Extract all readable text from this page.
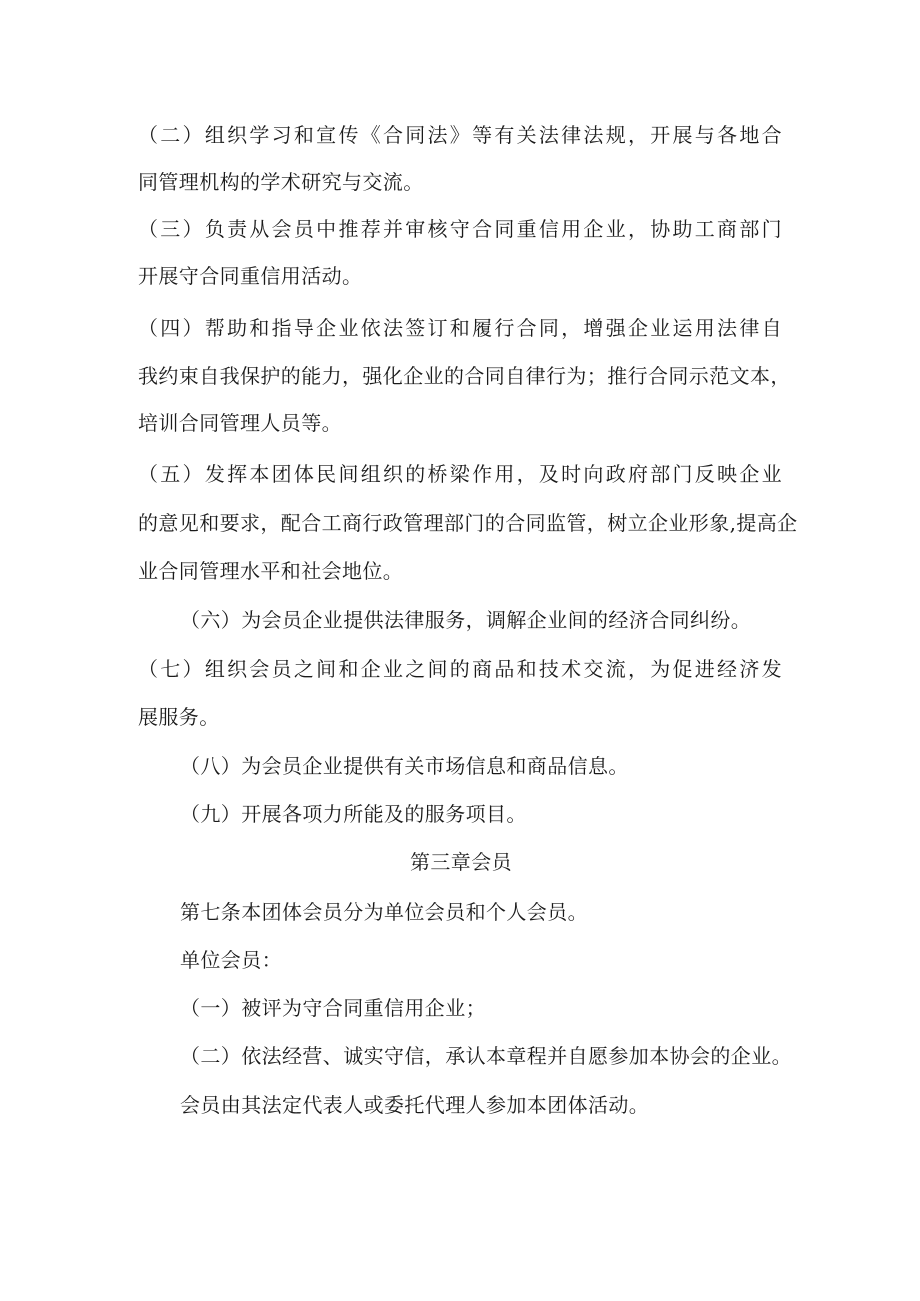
（二）组织学习和宣传《合同法》等有关法律法规，开展与各地合
同管理机构的学术研究与交流。
（三）负责从会员中推荐并审核守合同重信用企业，协助工商部门
开展守合同重信用活动。
（四）帮助和指导企业依法签订和履行合同，增强企业运用法律自
我约束自我保护的能力，强化企业的合同自律行为；推行合同示范文本，
培训合同管理人员等。
（五）发挥本团体民间组织的桥梁作用，及时向政府部门反映企业
的意见和要求，配合工商行政管理部门的合同监管，树立企业形象,提高企
业合同管理水平和社会地位。
（六）为会员企业提供法律服务，调解企业间的经济合同纠纷。
（七）组织会员之间和企业之间的商品和技术交流，为促进经济发
展服务。
（八）为会员企业提供有关市场信息和商品信息。
（九）开展各项力所能及的服务项目。
第三章会员
第七条本团体会员分为单位会员和个人会员。
单位会员：
（一）被评为守合同重信用企业；
（二）依法经营、诚实守信，承认本章程并自愿参加本协会的企业。
会员由其法定代表人或委托代理人参加本团体活动。
